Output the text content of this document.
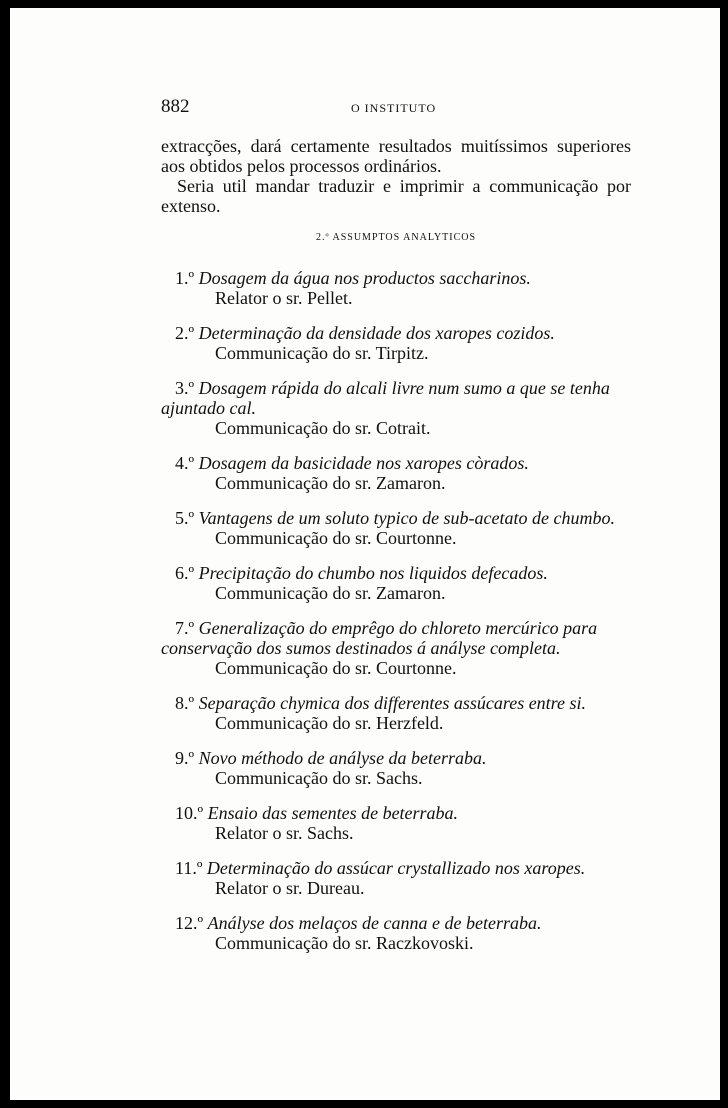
882	O INSTITUTO

extracções, dará certamente resultados muitíssimos superiores aos obtidos pelos processos ordinários.

Seria util mandar traduzir e imprimir a communicação por extenso.

2.º ASSUMPTOS ANALYTICOS
1.º Dosagem da água nos productos saccharinos.
Relator o sr. Pellet.
2.º Determinação da densidade dos xaropes cozidos.
Communicação do sr. Tirpitz.
3.º Dosagem rápida do alcali livre num sumo a que se tenha ajuntado cal.
Communicação do sr. Cotrait.
4.º Dosagem da basicidade nos xaropes còrados.
Communicação do sr. Zamaron.
5.º Vantagens de um soluto typico de sub-acetato de chumbo.
Communicação do sr. Courtonne.
6.º Precipitação do chumbo nos liquidos defecados.
Communicação do sr. Zamaron.
7.º Generalização do emprêgo do chloreto mercúrico para conservação dos sumos destinados á anályse completa.
Communicação do sr. Courtonne.
8.º Separação chymica dos differentes assúcares entre si.
Communicação do sr. Herzfeld.
9.º Novo méthodo de anályse da beterraba.
Communicação do sr. Sachs.
10.º Ensaio das sementes de beterraba.
Relator o sr. Sachs.
11.º Determinação do assúcar crystallizado nos xaropes.
Relator o sr. Dureau.
12.º Anályse dos melaços de canna e de beterraba.
Communicação do sr. Raczkovoski.
